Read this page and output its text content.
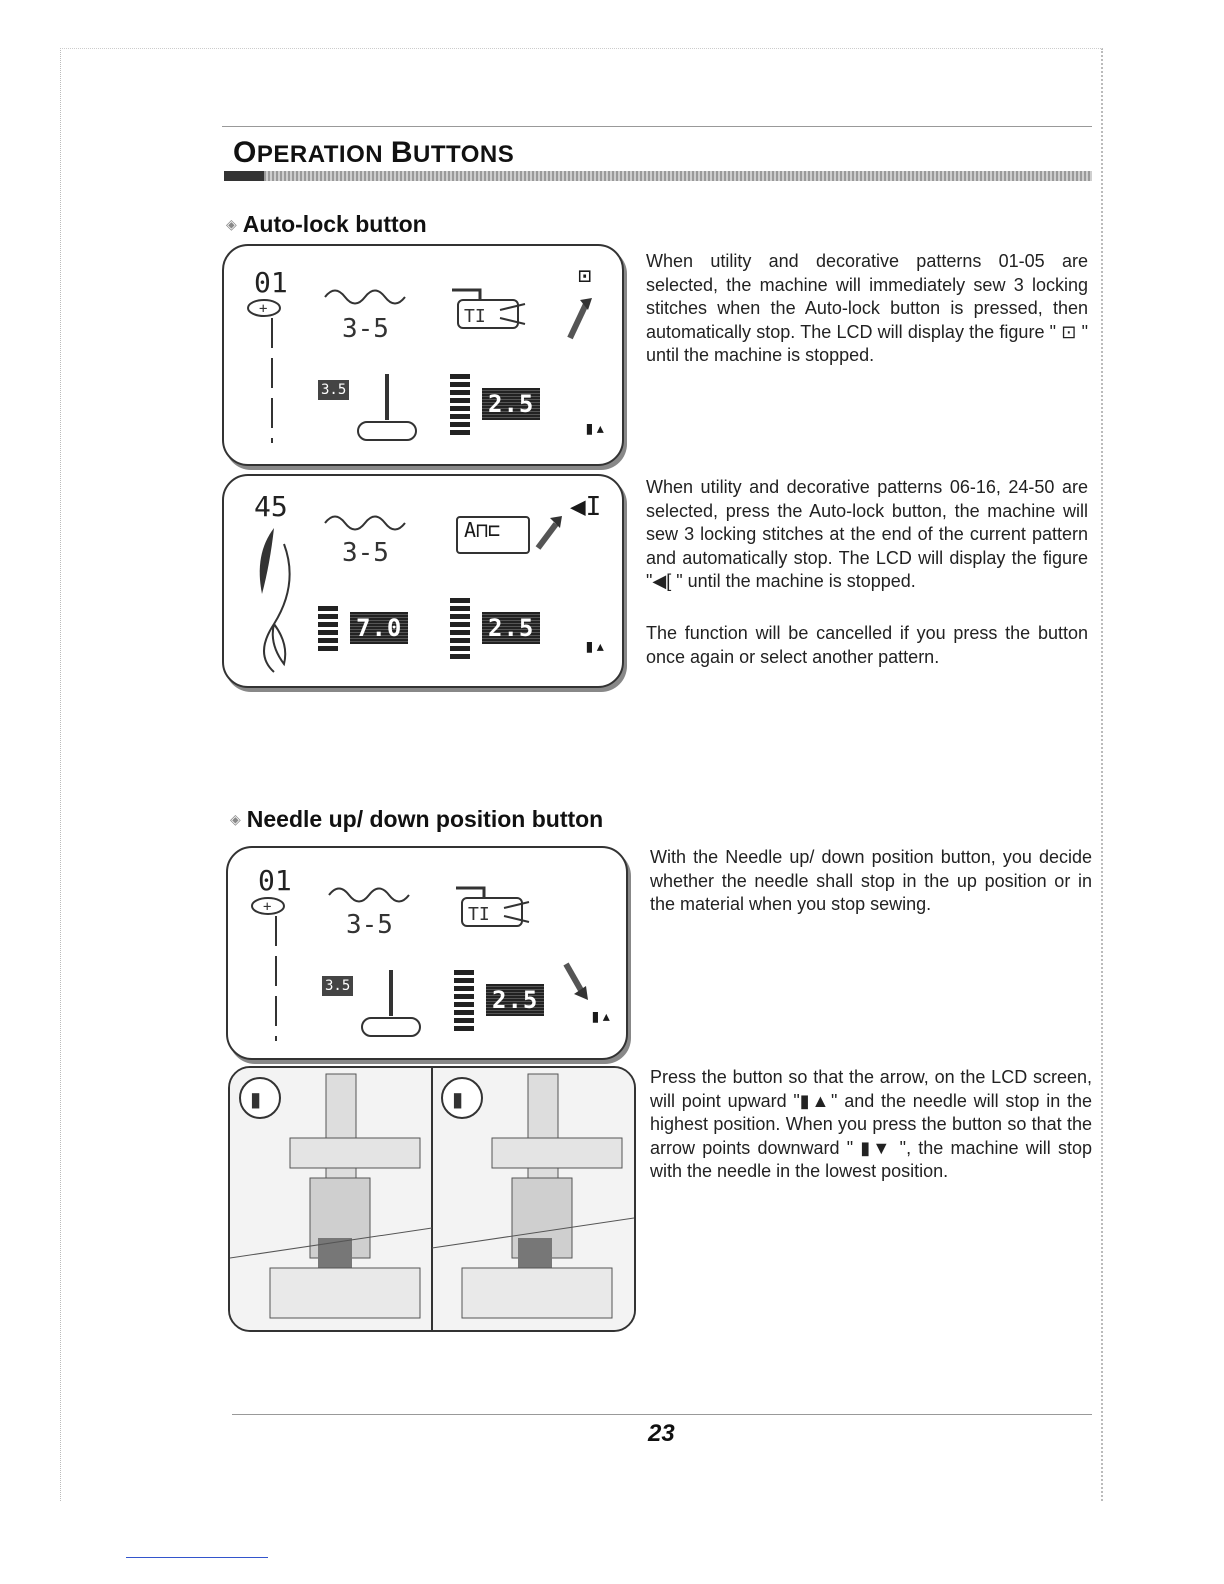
OPERATION BUTTONS
◈ Auto-lock button
01
+
3-5	TI
⊡
3.5	2.5
▮▴
When utility and decorative patterns 01-05 are selected, the machine will immediately sew 3 locking stitches when the Auto-lock button is pressed, then automatically stop. The LCD will display the figure " ⊡ " until the machine is stopped.
45
3-5
A⊓⊏
◀I
7.0	2.5
▮▴
When utility and decorative patterns 06-16, 24-50 are selected, press the Auto-lock button, the machine will sew 3 locking stitches at the end of the current pattern and automatically stop. The LCD will display the figure "◀[ " until the machine is stopped.
The function will be cancelled if you press the button once again or select another pattern.
◈ Needle up/ down position button
01
+
3-5	TI
3.5	2.5
▮▴
With the Needle up/ down position button, you decide whether the needle shall stop in the up position or in the material when you stop sewing.
▮	▮
Press the button so that the arrow, on the LCD screen, will point upward "▮▲" and the needle will stop in the highest position. When you press the button so that the arrow points downward " ▮▼ ", the machine will stop with the needle in the lowest position.
23
